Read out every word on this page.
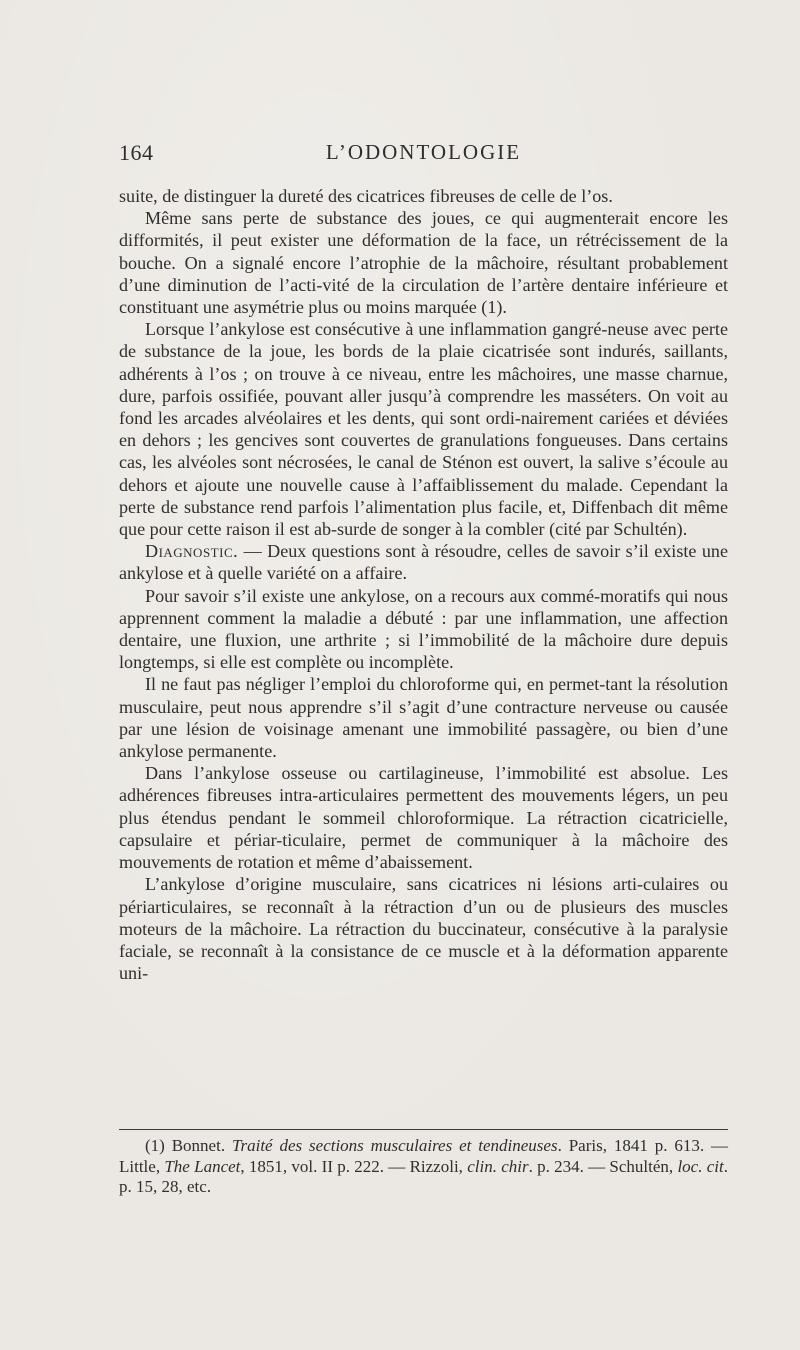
164	L’ODONTOLOGIE

suite, de distinguer la dureté des cicatrices fibreuses de celle de l’os.

Même sans perte de substance des joues, ce qui augmenterait encore les difformités, il peut exister une déformation de la face, un rétrécissement de la bouche. On a signalé encore l’atrophie de la mâchoire, résultant probablement d’une diminution de l’acti-vité de la circulation de l’artère dentaire inférieure et constituant une asymétrie plus ou moins marquée (1).

Lorsque l’ankylose est consécutive à une inflammation gangré-neuse avec perte de substance de la joue, les bords de la plaie cicatrisée sont indurés, saillants, adhérents à l’os ; on trouve à ce niveau, entre les mâchoires, une masse charnue, dure, parfois ossifiée, pouvant aller jusqu’à comprendre les masséters. On voit au fond les arcades alvéolaires et les dents, qui sont ordi-nairement cariées et déviées en dehors ; les gencives sont couvertes de granulations fongueuses. Dans certains cas, les alvéoles sont nécrosées, le canal de Sténon est ouvert, la salive s’écoule au dehors et ajoute une nouvelle cause à l’affaiblissement du malade. Cependant la perte de substance rend parfois l’alimentation plus facile, et, Diffenbach dit même que pour cette raison il est ab-surde de songer à la combler (cité par Schultén).

Diagnostic. — Deux questions sont à résoudre, celles de savoir s’il existe une ankylose et à quelle variété on a affaire.

Pour savoir s’il existe une ankylose, on a recours aux commé-moratifs qui nous apprennent comment la maladie a débuté : par une inflammation, une affection dentaire, une fluxion, une arthrite ; si l’immobilité de la mâchoire dure depuis longtemps, si elle est complète ou incomplète.

Il ne faut pas négliger l’emploi du chloroforme qui, en permet-tant la résolution musculaire, peut nous apprendre s’il s’agit d’une contracture nerveuse ou causée par une lésion de voisinage amenant une immobilité passagère, ou bien d’une ankylose permanente.

Dans l’ankylose osseuse ou cartilagineuse, l’immobilité est absolue. Les adhérences fibreuses intra-articulaires permettent des mouvements légers, un peu plus étendus pendant le sommeil chloroformique. La rétraction cicatricielle, capsulaire et périar-ticulaire, permet de communiquer à la mâchoire des mouvements de rotation et même d’abaissement.

L’ankylose d’origine musculaire, sans cicatrices ni lésions arti-culaires ou périarticulaires, se reconnaît à la rétraction d’un ou de plusieurs des muscles moteurs de la mâchoire. La rétraction du buccinateur, consécutive à la paralysie faciale, se reconnaît à la consistance de ce muscle et à la déformation apparente uni-

(1) Bonnet. Traité des sections musculaires et tendineuses. Paris, 1841 p. 613. — Little, The Lancet, 1851, vol. II p. 222. — Rizzoli, clin. chir. p. 234. — Schultén, loc. cit. p. 15, 28, etc.
